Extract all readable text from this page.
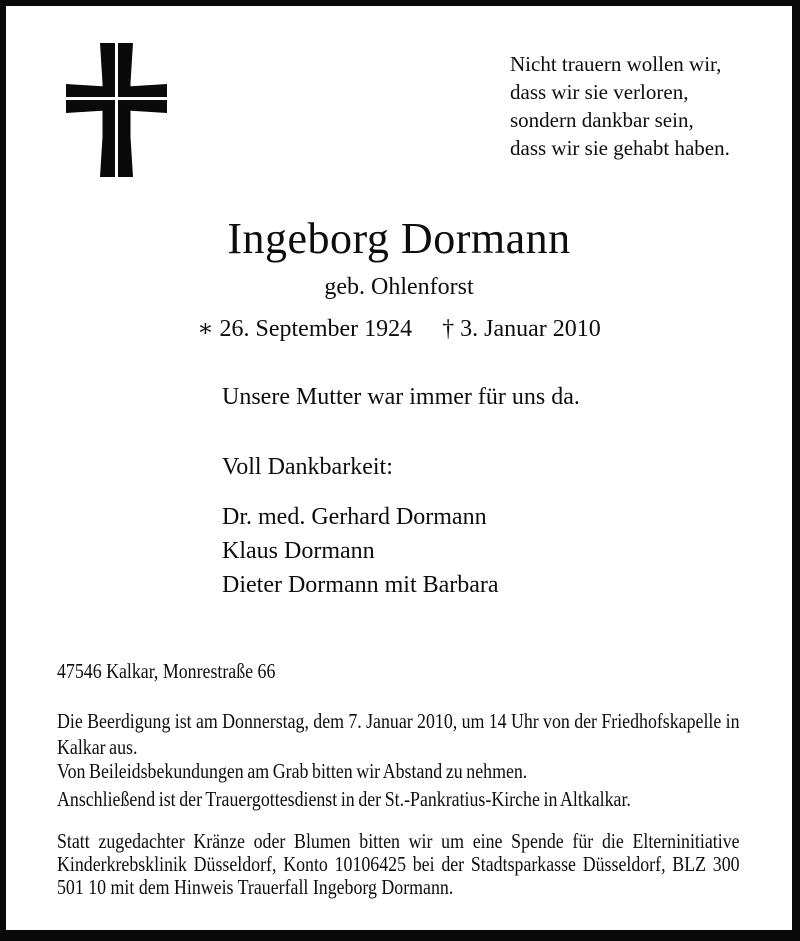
Nicht trauern wollen wir,
dass wir sie verloren,
sondern dankbar sein,
dass wir sie gehabt haben.
Ingeborg Dormann
geb. Ohlenforst
∗ 26. September 1924 † 3. Januar 2010
Unsere Mutter war immer für uns da.
Voll Dankbarkeit:
Dr. med. Gerhard Dormann
Klaus Dormann
Dieter Dormann mit Barbara
47546 Kalkar, Monrestraße 66
Die Beerdigung ist am Donnerstag, dem 7. Januar 2010, um 14 Uhr von der Friedhofskapelle in Kalkar aus.
Von Beileidsbekundungen am Grab bitten wir Abstand zu nehmen.
Anschließend ist der Trauergottesdienst in der St.-Pankratius-Kirche in Altkalkar.
Statt zugedachter Kränze oder Blumen bitten wir um eine Spende für die Elterninitiative Kinderkrebsklinik Düsseldorf, Konto 10106425 bei der Stadtsparkasse Düsseldorf, BLZ 300 501 10 mit dem Hinweis Trauerfall Ingeborg Dormann.
